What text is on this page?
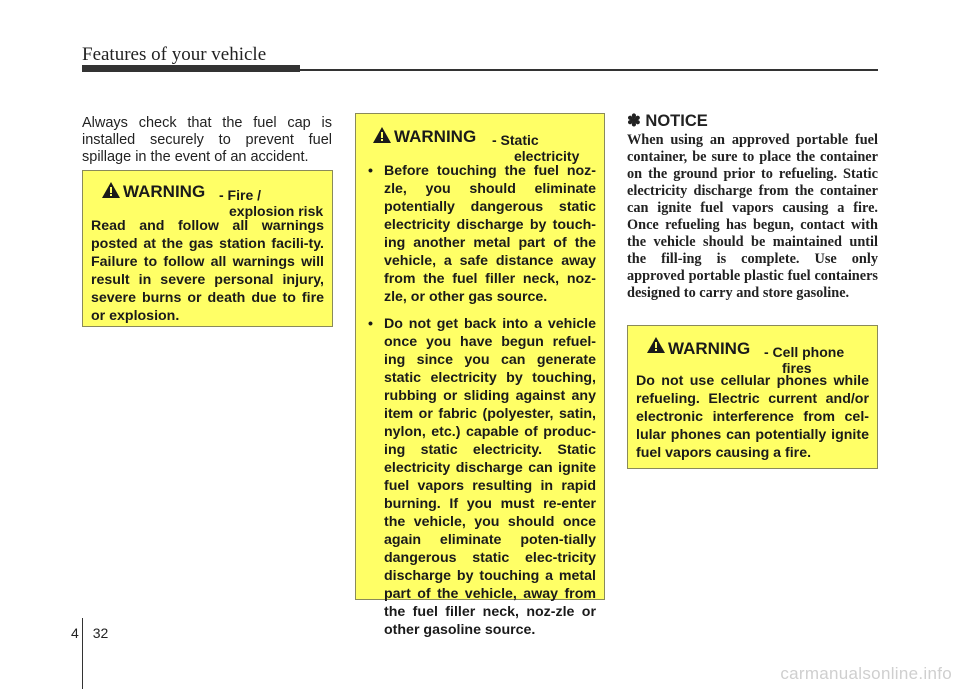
Features of your vehicle
Always check that the fuel cap is installed securely to prevent fuel spillage in the event of an accident.
WARNING - Fire /
explosion risk
Read and follow all warnings posted at the gas station facili-ty. Failure to follow all warnings will result in severe personal injury, severe burns or death due to fire or explosion.
WARNING - Static
electricity
• Before touching the fuel noz-zle, you should eliminate potentially dangerous static electricity discharge by touch-ing another metal part of the vehicle, a safe distance away from the fuel filler neck, noz-zle, or other gas source.
• Do not get back into a vehicle once you have begun refuel-ing since you can generate static electricity by touching, rubbing or sliding against any item or fabric (polyester, satin, nylon, etc.) capable of produc-ing static electricity. Static electricity discharge can ignite fuel vapors resulting in rapid burning. If you must re-enter the vehicle, you should once again eliminate poten-tially dangerous static elec-tricity discharge by touching a metal part of the vehicle, away from the fuel filler neck, noz-zle or other gasoline source.
✽ NOTICE
When using an approved portable fuel container, be sure to place the container on the ground prior to refueling. Static electricity discharge from the container can ignite fuel vapors causing a fire. Once refueling has begun, contact with the vehicle should be maintained until the fill-ing is complete. Use only approved portable plastic fuel containers designed to carry and store gasoline.
WARNING - Cell phone
fires
Do not use cellular phones while refueling. Electric current and/or electronic interference from cel-lular phones can potentially ignite fuel vapors causing a fire.
4 32
carmanualsonline.info
